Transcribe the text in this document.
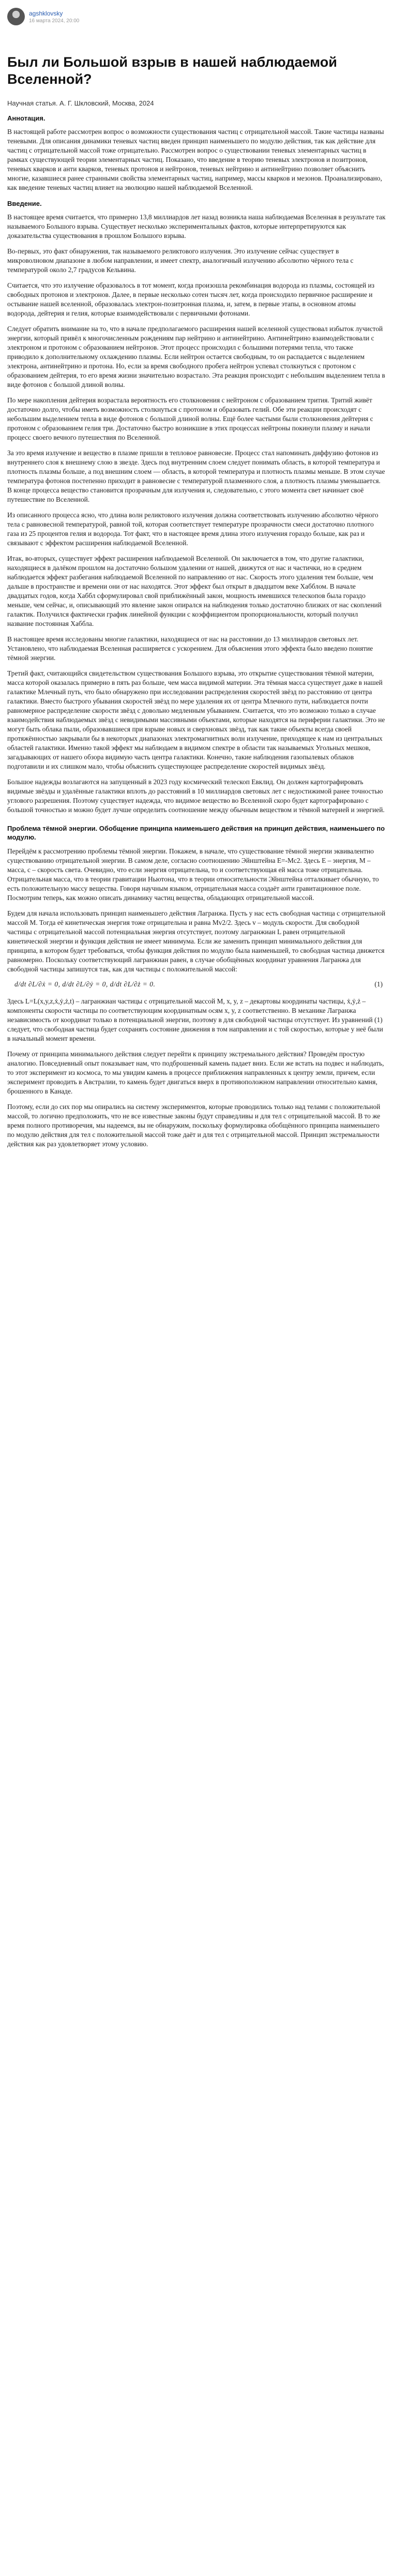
agshklovsky
16 марта 2024, 20:00
Был ли Большой взрыв в нашей наблюдаемой Вселенной?
Научная статья. А. Г. Шкловский, Москва, 2024
Аннотация.

В настоящей работе рассмотрен вопрос о возможности существования частиц с отрицательной массой. Такие частицы названы теневыми. Для описания динамики теневых частиц введен принцип наименьшего по модулю действия, так как действие для частиц с отрицательной массой тоже отрицательно. Рассмотрен вопрос о существовании теневых элементарных частиц в рамках существующей теории элементарных частиц. Показано, что введение в теорию теневых электронов и позитронов, теневых кварков и анти кварков, теневых протонов и нейтронов, теневых нейтрино и антинейтрино позволяет объяснить многие, казавшиеся ранее странными свойства элементарных частиц, например, массы кварков и мезонов. Проанализировано, как введение теневых частиц влияет на эволюцию нашей наблюдаемой Вселенной.

Введение.

В настоящее время считается, что примерно 13,8 миллиардов лет назад возникла наша наблюдаемая Вселенная в результате так называемого Большого взрыва. Существует несколько экспериментальных фактов, которые интерпретируются как доказательства существования в прошлом Большого взрыва.

Во-первых, это факт обнаружения, так называемого реликтового излучения. Это излучение сейчас существует в микроволновом диапазоне в любом направлении, и имеет спектр, аналогичный излучению абсолютно чёрного тела с температурой около 2,7 градусов Кельвина.

Считается, что это излучение образовалось в тот момент, когда произошла рекомбинация водорода из плазмы, состоящей из свободных протонов и электронов. Далее, в первые несколько сотен тысяч лет, когда происходило первичное расширение и остывание нашей вселенной, образовалась электрон-позитронная плазма, и, затем, в первые этапы, в основном атомы водорода, дейтерия и гелия, которые взаимодействовали с первичными фотонами.

Следует обратить внимание на то, что в начале предполагаемого расширения нашей вселенной существовал избыток лучистой энергии, который привёл к многочисленным рождениям пар нейтрино и антинейтрино. Антинейтрино взаимодействовали с электроном и протоном с образованием нейтронов. Этот процесс происходил с большими потерями тепла, что также приводило к дополнительному охлаждению плазмы. Если нейтрон остается свободным, то он распадается с выделением электрона, антинейтрино и протона. Но, если за время свободного пробега нейтрон успевал столкнуться с протоном с образованием дейтерия, то его время жизни значительно возрастало. Эта реакция происходит с небольшим выделением тепла в виде фотонов с большой длиной волны.

По мере накопления дейтерия возрастала вероятность его столкновения с нейтроном с образованием трития. Тритий живёт достаточно долго, чтобы иметь возможность столкнуться с протоном и образовать гелий. Обе эти реакции происходят с небольшим выделением тепла в виде фотонов с большой длиной волны. Ещё более частыми были столкновения дейтерия с протоном с образованием гелия три. Достаточно быстро возникшие в этих процессах нейтроны покинули плазму и начали процесс своего вечного путешествия по Вселенной.

За это время излучение и вещество в плазме пришли в тепловое равновесие. Процесс стал напоминать диффузию фотонов из внутреннего слоя к внешнему слою в звезде. Здесь под внутренним слоем следует понимать область, в которой температура и плотность плазмы больше, а под внешним слоем — область, в которой температура и плотность плазмы меньше. В этом случае температура фотонов постепенно приходит в равновесие с температурой плазменного слоя, а плотность плазмы уменьшается. В конце процесса вещество становится прозрачным для излучения и, следовательно, с этого момента свет начинает своё путешествие по Вселенной.

Из описанного процесса ясно, что длина волн реликтового излучения должна соответствовать излучению абсолютно чёрного тела с равновесной температурой, равной той, которая соответствует температуре прозрачности смеси достаточно плотного газа из 25 процентов гелия и водорода. Тот факт, что в настоящее время длина этого излучения гораздо больше, как раз и связывают с эффектом расширения наблюдаемой Вселенной.

Итак, во-вторых, существует эффект расширения наблюдаемой Вселенной. Он заключается в том, что другие галактики, находящиеся в далёком прошлом на достаточно большом удалении от нашей, движутся от нас и частички, но в среднем наблюдается эффект разбегания наблюдаемой Вселенной по направлению от нас. Скорость этого удаления тем больше, чем дальше в пространстве и времени они от нас находятся. Этот эффект был открыт в двадцатом веке Хабблом. В начале двадцатых годов, когда Хаббл сформулировал свой приближённый закон, мощность имевшихся телескопов была гораздо меньше, чем сейчас, и, описывающий это явление закон опирался на наблюдения только достаточно близких от нас скоплений галактик. Получился фактически график линейной функции с коэффициентом пропорциональности, который получил название постоянная Хаббла.

В настоящее время исследованы многие галактики, находящиеся от нас на расстоянии до 13 миллиардов световых лет. Установлено, что наблюдаемая Вселенная расширяется с ускорением. Для объяснения этого эффекта было введено понятие тёмной энергии.

Третий факт, считающийся свидетельством существования Большого взрыва, это открытие существования тёмной материи, масса которой оказалась примерно в пять раз больше, чем масса видимой материи. Эта тёмная масса существует даже в нашей галактике Млечный путь, что было обнаружено при исследовании распределения скоростей звёзд по расстоянию от центра галактики. Вместо быстрого убывания скоростей звёзд по мере удаления их от центра Млечного пути, наблюдается почти равномерное распределение скорости звёзд с довольно медленным убыванием. Считается, что это возможно только в случае взаимодействия наблюдаемых звёзд с невидимыми массивными объектами, которые находятся на периферии галактики. Это не могут быть облака пыли, образовавшиеся при взрыве новых и сверхновых звёзд, так как такие объекты всегда своей протяжённостью закрывали бы в некоторых диапазонах электромагнитных волн излучение, приходящее к нам из центральных областей галактики. Именно такой эффект мы наблюдаем в видимом спектре в области так называемых Угольных мешков, загадывающих от нашего обзора видимую часть центра галактики. Конечно, такие наблюдения газопылевых облаков подготавили и их слишком мало, чтобы объяснить существующее распределение скоростей видимых звёзд.

Большое надежды возлагаются на запущенный в 2023 году космический телескоп Евклид. Он должен картографировать видимые звёзды и удалённые галактики вплоть до расстояний в 10 миллиардов световых лет с недостижимой ранее точностью углового разрешения. Поэтому существует надежда, что видимое вещество во Вселенной скоро будет картографировано с большой точностью и можно будет лучше определить соотношение между обычным веществом и тёмной материей и энергией.

Проблема тёмной энергии. Обобщение принципа наименьшего действия на принцип действия, наименьшего по модулю.

Перейдём к рассмотрению проблемы тёмной энергии. Покажем, в начале, что существование тёмной энергии эквивалентно существованию отрицательной энергии. В самом деле, согласно соотношению Эйнштейна E=-Mc2. Здесь E – энергия, M – масса, c – скорость света. Очевидно, что если энергия отрицательна, то и соответствующая ей масса тоже отрицательна. Отрицательная масса, что в теории гравитации Ньютона, что в теории относительности Эйнштейна отталкивает обычную, то есть положительную массу вещества. Говоря научным языком, отрицательная масса создаёт анти гравитационное поле. Посмотрим теперь, как можно описать динамику частиц вещества, обладающих отрицательной массой.

Будем для начала использовать принцип наименьшего действия Лагранжа. Пусть у нас есть свободная частица с отрицательной массой M. Тогда её кинетическая энергия тоже отрицательна и равна Mv2/2. Здесь v – модуль скорости. Для свободной частицы с отрицательной массой потенциальная энергия отсутствует, поэтому лагранжиан L равен отрицательной кинетической энергии и функция действия не имеет минимума. Если же заменить принцип минимального действия для принципа, в котором будет требоваться, чтобы функция действия по модулю была наименьшей, то свободная частица движется равномерно. Поскольку соответствующий лагранжиан равен, в случае обобщённых координат уравнения Лагранжа для свободной частицы запишутся так, как для частицы с положительной массой:

d/dt ∂L/∂ẋ = 0, d/dt ∂L/∂ẏ = 0, d/dt ∂L/∂ż = 0.	(1)

Здесь L=L(x,y,z,ẋ,ẏ,ż,t) – лагранжиан частицы с отрицательной массой M, x, y, z – декартовы координаты частицы, ẋ,ẏ,ż – компоненты скорости частицы по соответствующим координатным осям x, y, z соответственно. В механике Лагранжа независимость от координат только в потенциальной энергии, поэтому в для свободной частицы отсутствует. Из уравнений (1) следует, что свободная частица будет сохранять состояние движения в том направлении и с той скоростью, которые у неё были в начальный момент времени.

Почему от принципа минимального действия следует перейти к принципу экстремального действия? Проведём простую аналогию. Повседневный опыт показывает нам, что подброшенный камень падает вниз. Если же встать на подвес и наблюдать, то этот эксперимент из космоса, то мы увидим камень в процессе приближения направленных к центру земли, причем, если эксперимент проводить в Австралии, то камень будет двигаться вверх в противоположном направлении относительно камня, брошенного в Канаде.

Поэтому, если до сих пор мы опирались на систему экспериментов, которые проводились только над телами с положительной массой, то логично предположить, что не все известные законы будут справедливы и для тел с отрицательной массой. В то же время полного противоречия, мы надеемся, вы не обнаружим, поскольку формулировка обобщённого принципа наименьшего по модулю действия для тел с положительной массой тоже даёт и для тел с отрицательной массой. Принцип экстремальности действия как раз удовлетворяет этому условию.
